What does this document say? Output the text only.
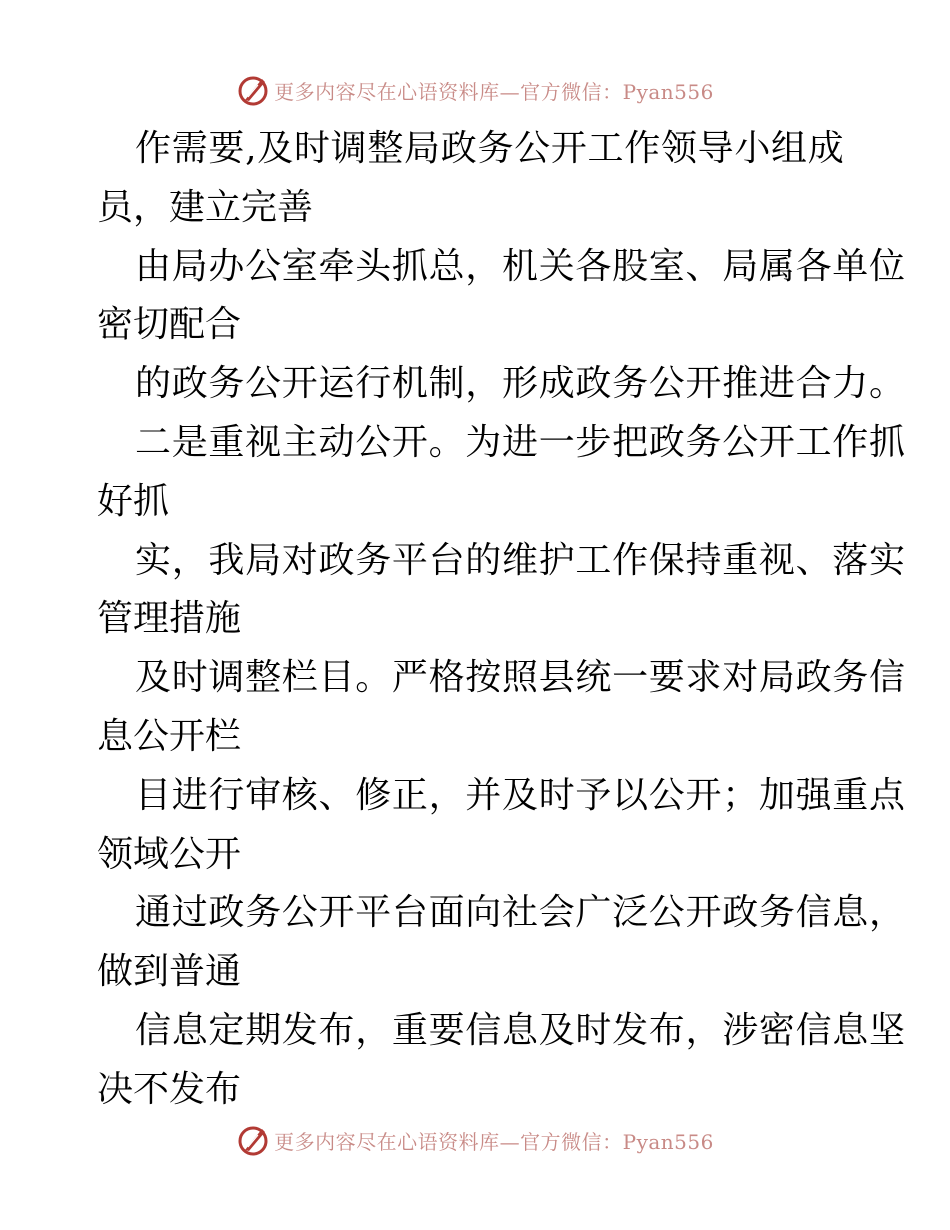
更多内容尽在心语资料库—官方微信：Pyan556
作需要,及时调整局政务公开工作领导小组成
员，建立完善
由局办公室牵头抓总，机关各股室、局属各单位
密切配合
的政务公开运行机制，形成政务公开推进合力。
二是重视主动公开。为进一步把政务公开工作抓
好抓
实，我局对政务平台的维护工作保持重视、落实
管理措施
及时调整栏目。严格按照县统一要求对局政务信
息公开栏
目进行审核、修正，并及时予以公开；加强重点
领域公开
通过政务公开平台面向社会广泛公开政务信息，
做到普通
信息定期发布，重要信息及时发布，涉密信息坚
决不发布
更多内容尽在心语资料库—官方微信：Pyan556
